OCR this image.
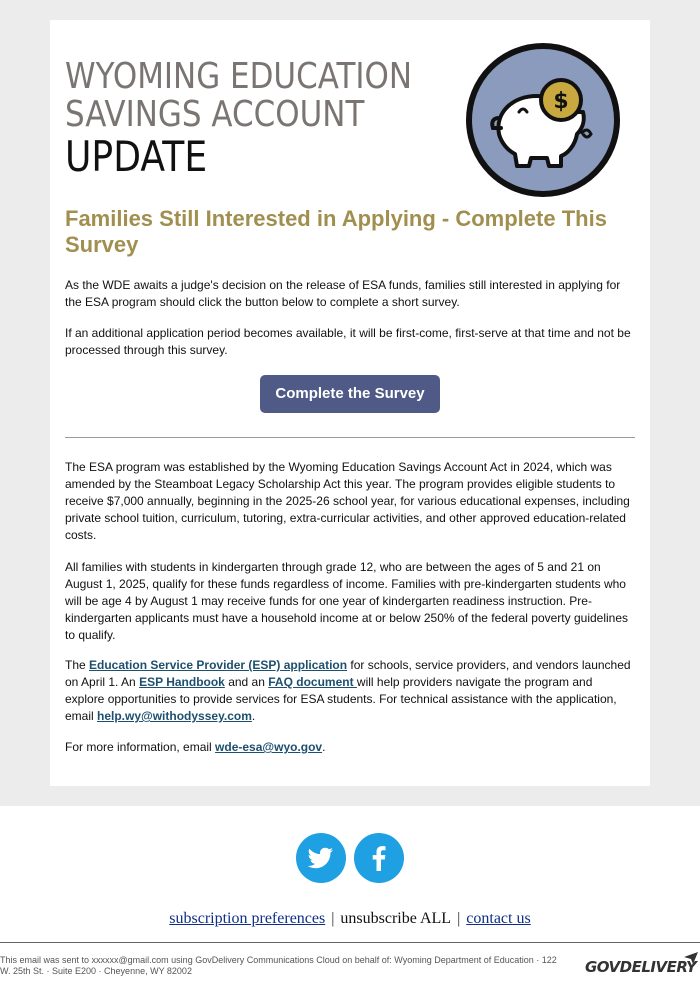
WYOMING EDUCATION
SAVINGS ACCOUNT
UPDATE
$
Families Still Interested in Applying - Complete This Survey

As the WDE awaits a judge's decision on the release of ESA funds, families still interested in applying for the ESA program should click the button below to complete a short survey.

If an additional application period becomes available, it will be first-come, first-serve at that time and not be processed through this survey.

Complete the Survey

The ESA program was established by the Wyoming Education Savings Account Act in 2024, which was amended by the Steamboat Legacy Scholarship Act this year. The program provides eligible students to receive $7,000 annually, beginning in the 2025-26 school year, for various educational expenses, including private school tuition, curriculum, tutoring, extra-curricular activities, and other approved education-related costs.

All families with students in kindergarten through grade 12, who are between the ages of 5 and 21 on August 1, 2025, qualify for these funds regardless of income. Families with pre-kindergarten students who will be age 4 by August 1 may receive funds for one year of kindergarten readiness instruction. Pre-kindergarten applicants must have a household income at or below 250% of the federal poverty guidelines to qualify.

The Education Service Provider (ESP) application for schools, service providers, and vendors launched on April 1. An ESP Handbook and an FAQ document will help providers navigate the program and explore opportunities to provide services for ESA students. For technical assistance with the application, email help.wy@withodyssey.com.

For more information, email wde-esa@wyo.gov.

subscription preferences | unsubscribe ALL | contact us
This email was sent to xxxxxx@gmail.com using GovDelivery Communications Cloud on behalf of: Wyoming Department of Education · 122 W. 25th St. · Suite E200 · Cheyenne, WY 82002	GOVDELIVERY
